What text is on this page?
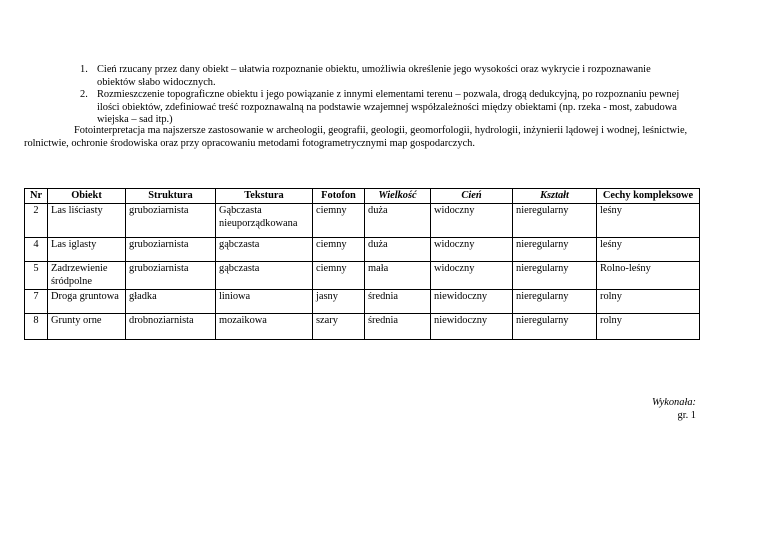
1. Cień rzucany przez dany obiekt – ułatwia rozpoznanie obiektu, umożliwia określenie jego wysokości oraz wykrycie i rozpoznawanie obiektów słabo widocznych.
2. Rozmieszczenie topograficzne obiektu i jego powiązanie z innymi elementami terenu – pozwala, drogą dedukcyjną, po rozpoznaniu pewnej ilości obiektów, zdefiniować treść rozpoznawalną na podstawie wzajemnej współzależności między obiektami (np. rzeka - most, zabudowa wiejska – sad itp.)

Fotointerpretacja ma najszersze zastosowanie w archeologii, geografii, geologii, geomorfologii, hydrologii, inżynierii lądowej i wodnej, leśnictwie, rolnictwie, ochronie środowiska oraz przy opracowaniu metodami fotogrametrycznymi map gospodarczych.

Nr	Obiekt	Struktura	Tekstura	Fotofon	Wielkość	Cień	Kształt	Cechy kompleksowe
2	Las liściasty	gruboziarnista	Gąbczasta nieuporządkowana	ciemny	duża	widoczny	nieregularny	leśny
4	Las iglasty	gruboziarnista	gąbczasta	ciemny	duża	widoczny	nieregularny	leśny
5	Zadrzewienie śródpolne	gruboziarnista	gąbczasta	ciemny	mała	widoczny	nieregularny	Rolno-leśny
7	Droga gruntowa	gładka	liniowa	jasny	średnia	niewidoczny	nieregularny	rolny
8	Grunty orne	drobnoziarnista	mozaikowa	szary	średnia	niewidoczny	nieregularny	rolny
Wykonała:
gr. 1
